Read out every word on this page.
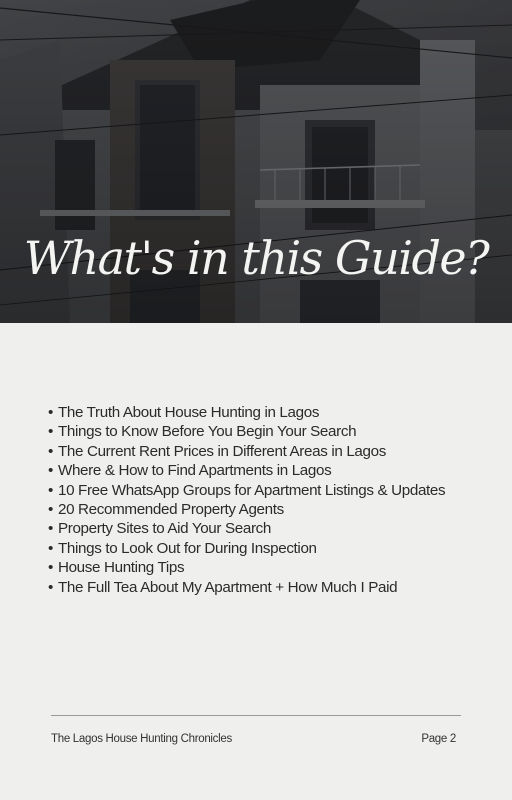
What's in this Guide?
• The Truth About House Hunting in Lagos
• Things to Know Before You Begin Your Search
• The Current Rent Prices in Different Areas in Lagos
• Where & How to Find Apartments in Lagos
• 10 Free WhatsApp Groups for Apartment Listings & Updates
• 20 Recommended Property Agents
• Property Sites to Aid Your Search
• Things to Look Out for During Inspection
• House Hunting Tips
• The Full Tea About My Apartment + How Much I Paid
The Lagos House Hunting Chronicles	Page 2
